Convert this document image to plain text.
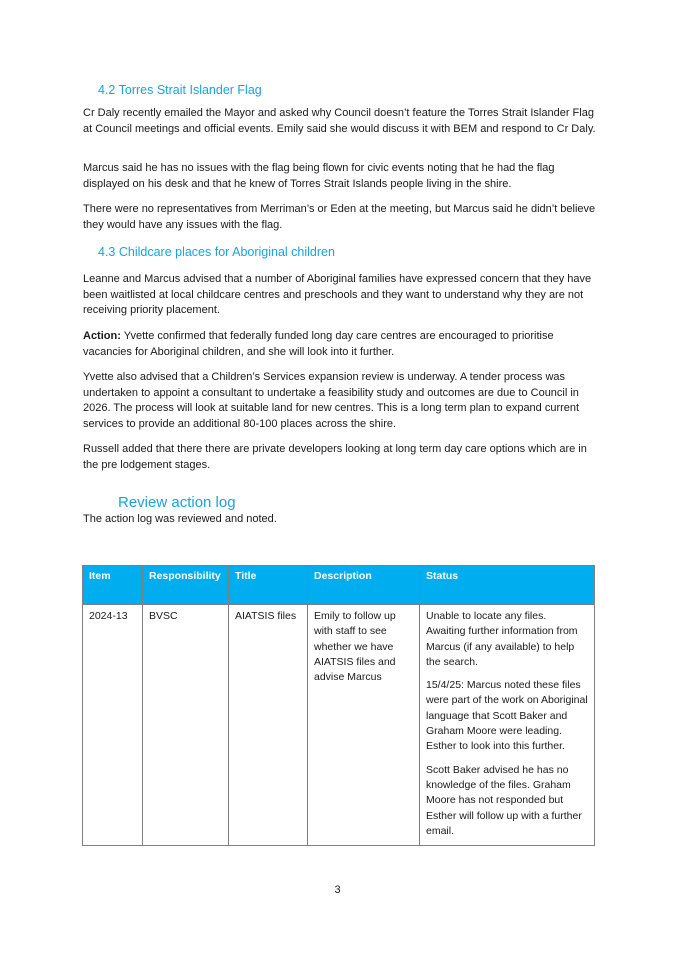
4.2 Torres Strait Islander Flag
Cr Daly recently emailed the Mayor and asked why Council doesn’t feature the Torres Strait Islander Flag at Council meetings and official events. Emily said she would discuss it with BEM and respond to Cr Daly.
Marcus said he has no issues with the flag being flown for civic events noting that he had the flag displayed on his desk and that he knew of Torres Strait Islands people living in the shire.
There were no representatives from Merriman’s or Eden at the meeting, but Marcus said he didn’t believe they would have any issues with the flag.
4.3 Childcare places for Aboriginal children
Leanne and Marcus advised that a number of Aboriginal families have expressed concern that they have been waitlisted at local childcare centres and preschools and they want to understand why they are not receiving priority placement.
Action: Yvette confirmed that federally funded long day care centres are encouraged to prioritise vacancies for Aboriginal children, and she will look into it further.
Yvette also advised that a Children’s Services expansion review is underway. A tender process was undertaken to appoint a consultant to undertake a feasibility study and outcomes are due to Council in 2026. The process will look at suitable land for new centres. This is a long term plan to expand current services to provide an additional 80-100 places across the shire.
Russell added that there there are private developers looking at long term day care options which are in the pre lodgement stages.
Review action log
The action log was reviewed and noted.
Item	Responsibility	Title	Description	Status
2024-13	BVSC	AIATSIS files	Emily to follow up with staff to see whether we have AIATSIS files and advise Marcus	Unable to locate any files. Awaiting further information from Marcus (if any available) to help the search.

15/4/25: Marcus noted these files were part of the work on Aboriginal language that Scott Baker and Graham Moore were leading. Esther to look into this further.

Scott Baker advised he has no knowledge of the files. Graham Moore has not responded but Esther will follow up with a further email.

3
